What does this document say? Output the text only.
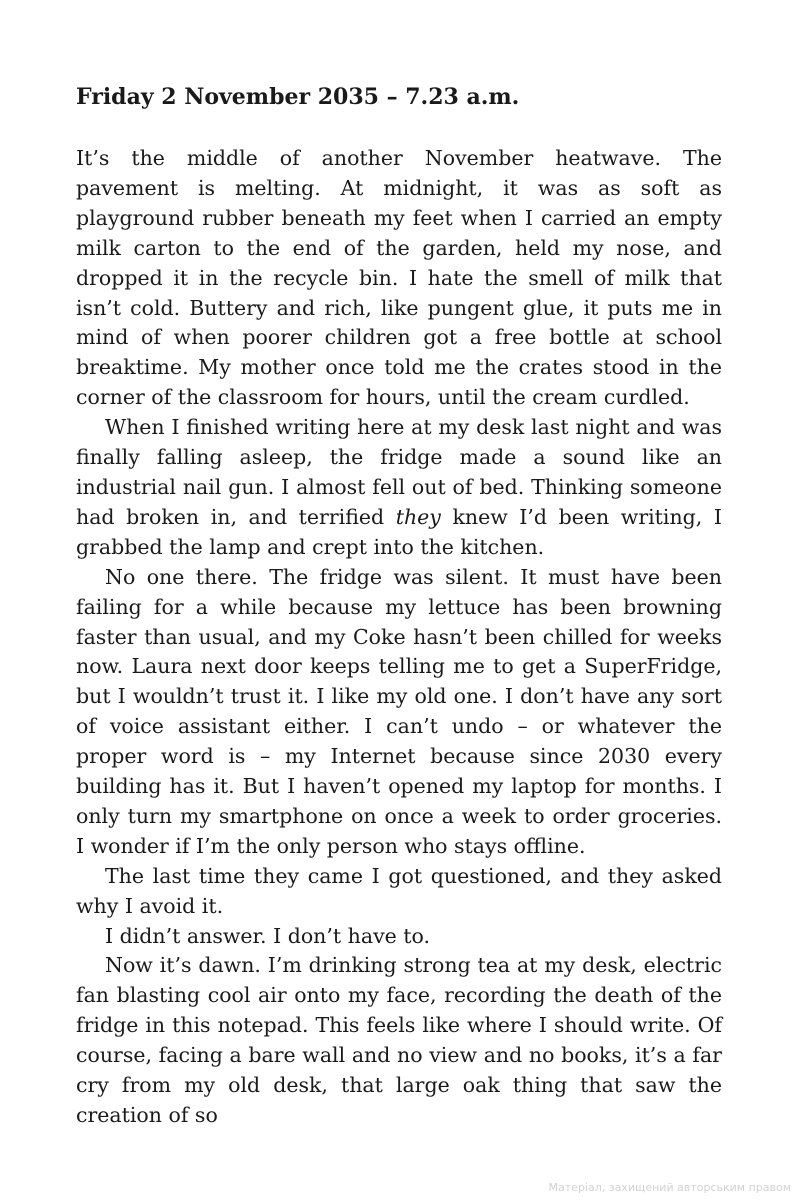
Friday 2 November 2035 – 7.23 a.m.

It’s the middle of another November heatwave. The pavement is melting. At midnight, it was as soft as playground rubber beneath my feet when I carried an empty milk carton to the end of the garden, held my nose, and dropped it in the recycle bin. I hate the smell of milk that isn’t cold. Buttery and rich, like pungent glue, it puts me in mind of when poorer children got a free bottle at school breaktime. My mother once told me the crates stood in the corner of the classroom for hours, until the cream curdled.

When I finished writing here at my desk last night and was finally falling asleep, the fridge made a sound like an industrial nail gun. I almost fell out of bed. Thinking someone had broken in, and terrified they knew I’d been writing, I grabbed the lamp and crept into the kitchen.

No one there. The fridge was silent. It must have been failing for a while because my lettuce has been browning faster than usual, and my Coke hasn’t been chilled for weeks now. Laura next door keeps telling me to get a SuperFridge, but I wouldn’t trust it. I like my old one. I don’t have any sort of voice assistant either. I can’t undo – or whatever the proper word is – my Internet because since 2030 every building has it. But I haven’t opened my laptop for months. I only turn my smartphone on once a week to order groceries. I wonder if I’m the only person who stays offline.

The last time they came I got questioned, and they asked why I avoid it.

I didn’t answer. I don’t have to.

Now it’s dawn. I’m drinking strong tea at my desk, electric fan blasting cool air onto my face, recording the death of the fridge in this notepad. This feels like where I should write. Of course, facing a bare wall and no view and no books, it’s a far cry from my old desk, that large oak thing that saw the creation of so

Матеріал, захищений авторським правом
